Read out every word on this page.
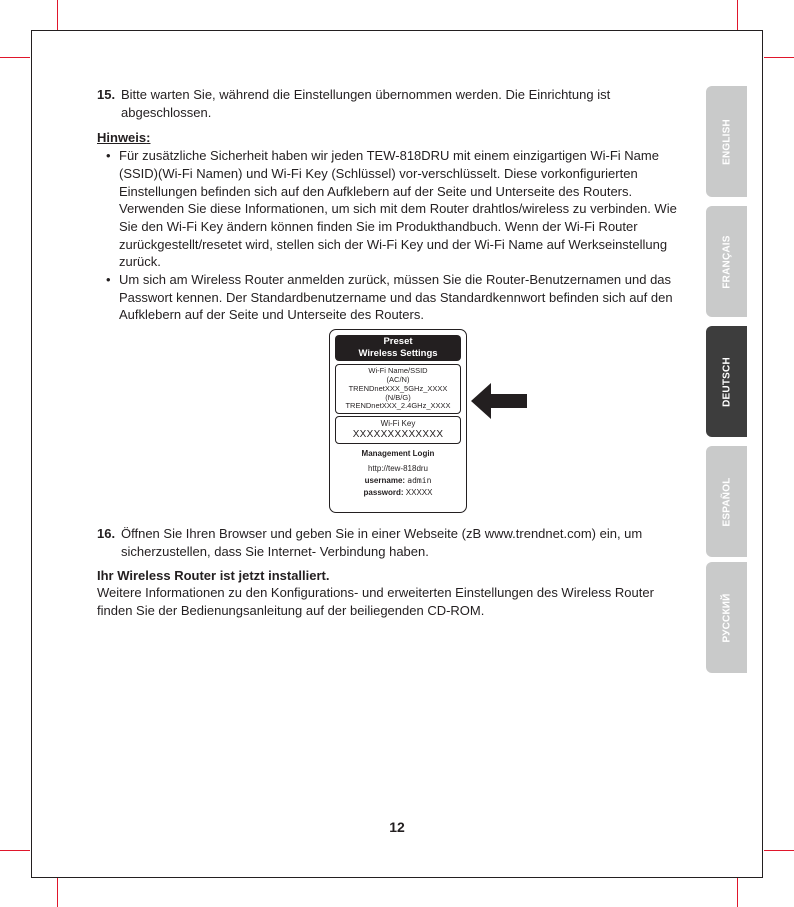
15. Bitte warten Sie, während die Einstellungen übernommen werden. Die Einrichtung ist
abgeschlossen.
Hinweis:
• Für zusätzliche Sicherheit haben wir jeden TEW-818DRU mit einem einzigartigen Wi-Fi Name
(SSID)(Wi-Fi Namen) und Wi-Fi Key (Schlüssel) vor-verschlüsselt. Diese vorkonfigurierten
Einstellungen befinden sich auf den Aufklebern auf der Seite und Unterseite des Routers.
Verwenden Sie diese Informationen, um sich mit dem Router drahtlos/wireless zu verbinden. Wie
Sie den Wi-Fi Key ändern können finden Sie im Produkthandbuch. Wenn der Wi-Fi Router
zurückgestellt/resetet wird, stellen sich der Wi-Fi Key und der Wi-Fi Name auf Werkseinstellung
zurück.
• Um sich am Wireless Router anmelden zurück, müssen Sie die Router-Benutzernamen und das
Passwort kennen. Der Standardbenutzername und das Standardkennwort befinden sich auf den
Aufklebern auf der Seite und Unterseite des Routers.
Preset
Wireless Settings
Wi-Fi Name/SSID
(AC/N)
TRENDnetXXX_5GHz_XXXX
(N/B/G)
TRENDnetXXX_2.4GHz_XXXX
Wi-Fi Key
XXXXXXXXXXXXX
Management Login
http://tew-818dru
username: admin
password: XXXXX
16. Öffnen Sie Ihren Browser und geben Sie in einer Webseite (zB www.trendnet.com) ein, um
sicherzustellen, dass Sie Internet- Verbindung haben.
Ihr Wireless Router ist jetzt installiert.
Weitere Informationen zu den Konfigurations- und erweiterten Einstellungen des Wireless Router
finden Sie der Bedienungsanleitung auf der beiliegenden CD-ROM.
ENGLISH
FRANÇAIS
DEUTSCH
ESPAÑOL
РУССКИЙ
12
